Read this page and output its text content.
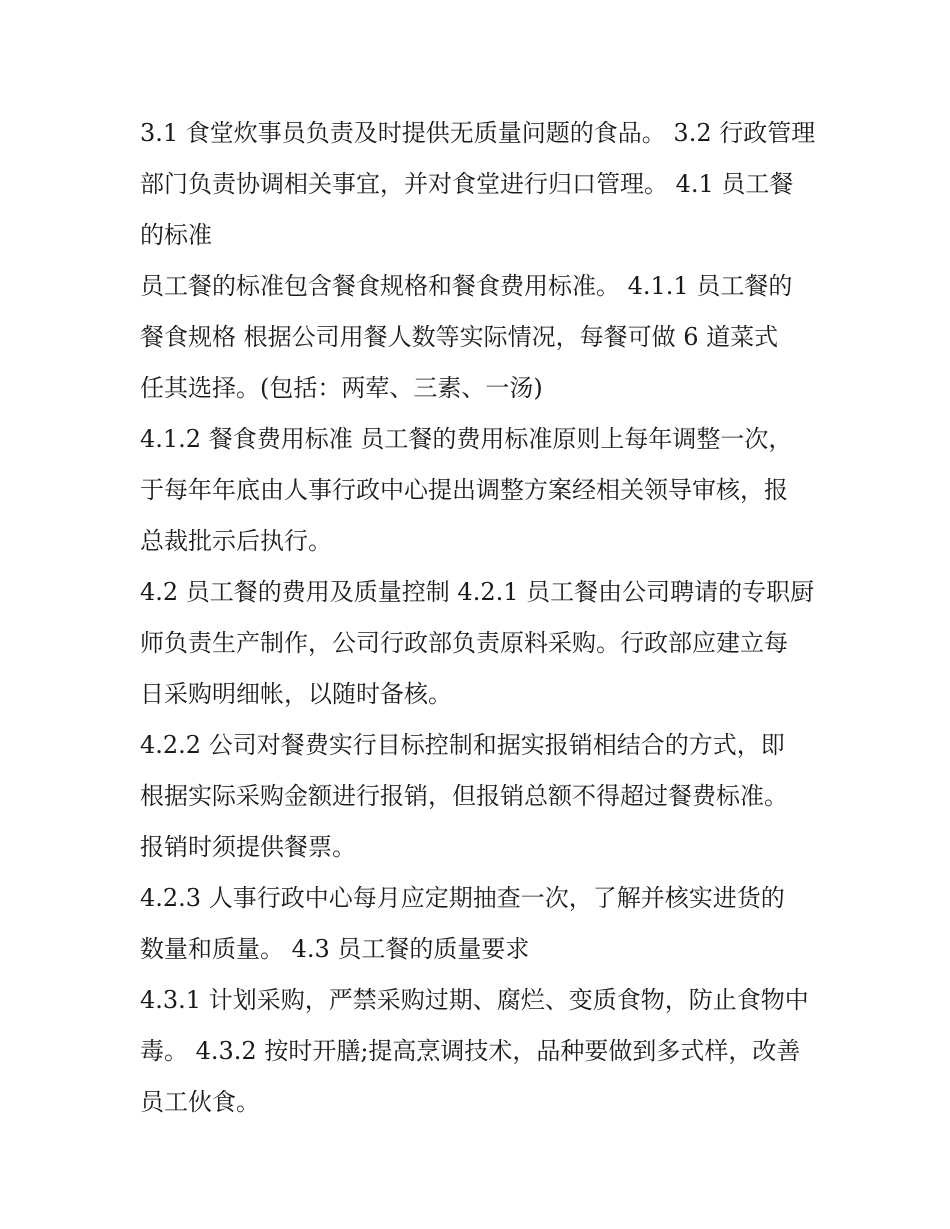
3.1 食堂炊事员负责及时提供无质量问题的食品。 3.2 行政管理
部门负责协调相关事宜，并对食堂进行归口管理。 4.1 员工餐
的标准
员工餐的标准包含餐食规格和餐食费用标准。 4.1.1 员工餐的
餐食规格 根据公司用餐人数等实际情况，每餐可做 6 道菜式
任其选择。(包括：两荤、三素、一汤)
4.1.2 餐食费用标准 员工餐的费用标准原则上每年调整一次，
于每年年底由人事行政中心提出调整方案经相关领导审核，报
总裁批示后执行。
4.2 员工餐的费用及质量控制 4.2.1 员工餐由公司聘请的专职厨
师负责生产制作，公司行政部负责原料采购。行政部应建立每
日采购明细帐，以随时备核。
4.2.2 公司对餐费实行目标控制和据实报销相结合的方式，即
根据实际采购金额进行报销，但报销总额不得超过餐费标准。
报销时须提供餐票。
4.2.3 人事行政中心每月应定期抽查一次，了解并核实进货的
数量和质量。 4.3 员工餐的质量要求
4.3.1 计划采购，严禁采购过期、腐烂、变质食物，防止食物中
毒。 4.3.2 按时开膳;提高烹调技术，品种要做到多式样，改善
员工伙食。
